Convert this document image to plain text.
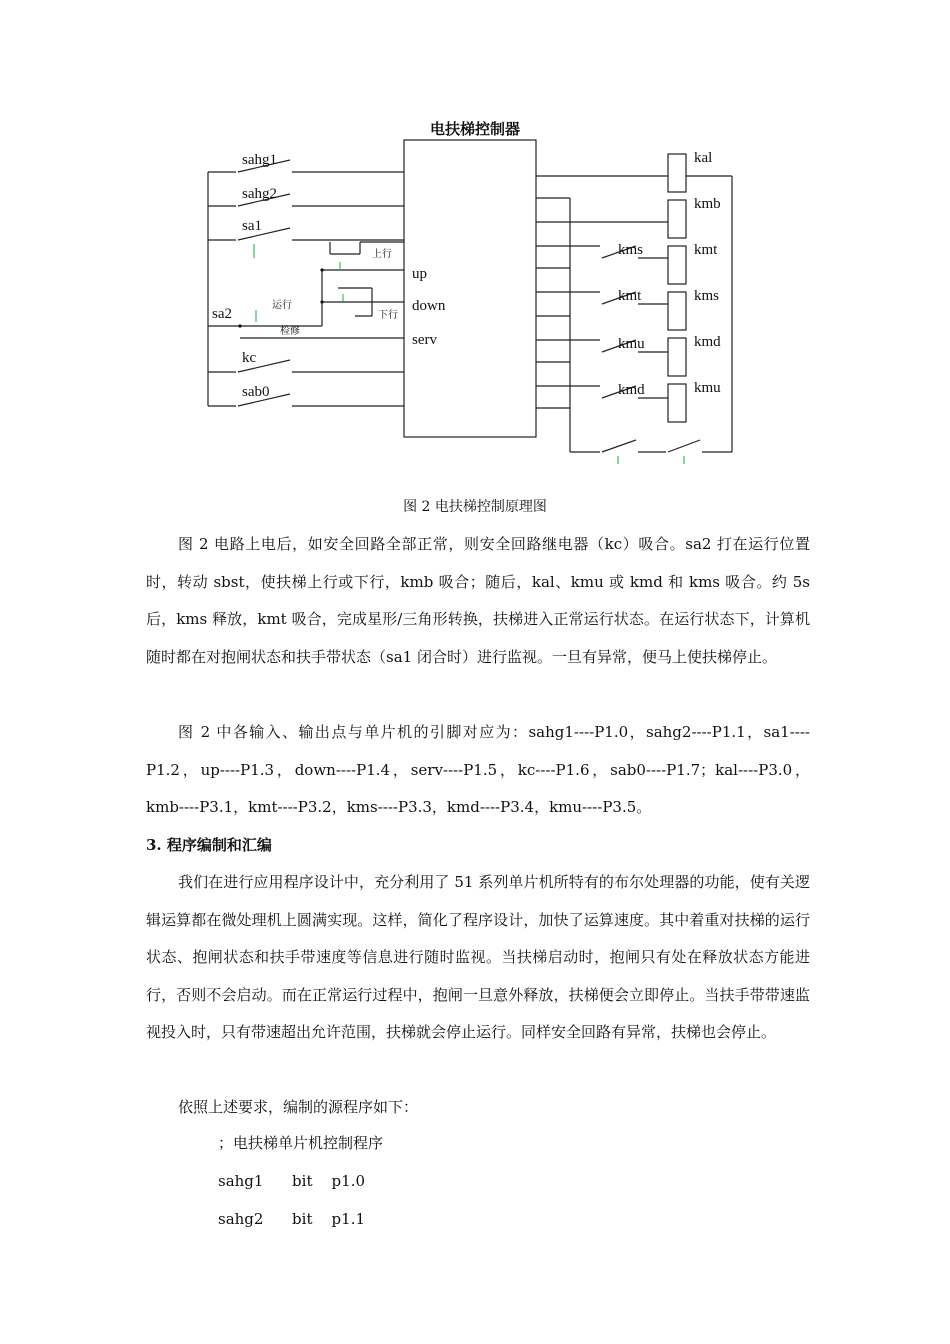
电扶梯控制器
sahg1
sahg2
sa1
sa2
kc
sab0
上行
运行
下行
检修
up
down
serv
kms
kmt
kmu
kmd
kal
kmb
kmt
kms
kmd
kmu
图 2 电扶梯控制原理图

图 2 电路上电后，如安全回路全部正常，则安全回路继电器（kc）吸合。sa2 打在运行位置时，转动 sbst，使扶梯上行或下行，kmb 吸合；随后，kal、kmu 或 kmd 和 kms 吸合。约 5s 后，kms 释放，kmt 吸合，完成星形/三角形转换，扶梯进入正常运行状态。在运行状态下，计算机随时都在对抱闸状态和扶手带状态（sa1 闭合时）进行监视。一旦有异常，便马上使扶梯停止。

图 2 中各输入、输出点与单片机的引脚对应为：sahg1----P1.0，sahg2----P1.1，sa1----P1.2，up----P1.3，down----P1.4，serv----P1.5，kc----P1.6，sab0----P1.7；kal----P3.0，kmb----P3.1，kmt----P3.2，kms----P3.3，kmd----P3.4，kmu----P3.5。

3. 程序编制和汇编

我们在进行应用程序设计中，充分利用了 51 系列单片机所特有的布尔处理器的功能，使有关逻辑运算都在微处理机上圆满实现。这样，简化了程序设计，加快了运算速度。其中着重对扶梯的运行状态、抱闸状态和扶手带速度等信息进行随时监视。当扶梯启动时，抱闸只有处在释放状态方能进行，否则不会启动。而在正常运行过程中，抱闸一旦意外释放，扶梯便会立即停止。当扶手带带速监视投入时，只有带速超出允许范围，扶梯就会停止运行。同样安全回路有异常，扶梯也会停止。

依照上述要求，编制的源程序如下：

；电扶梯单片机控制程序

sahg1      bit    p1.0

sahg2      bit    p1.1
